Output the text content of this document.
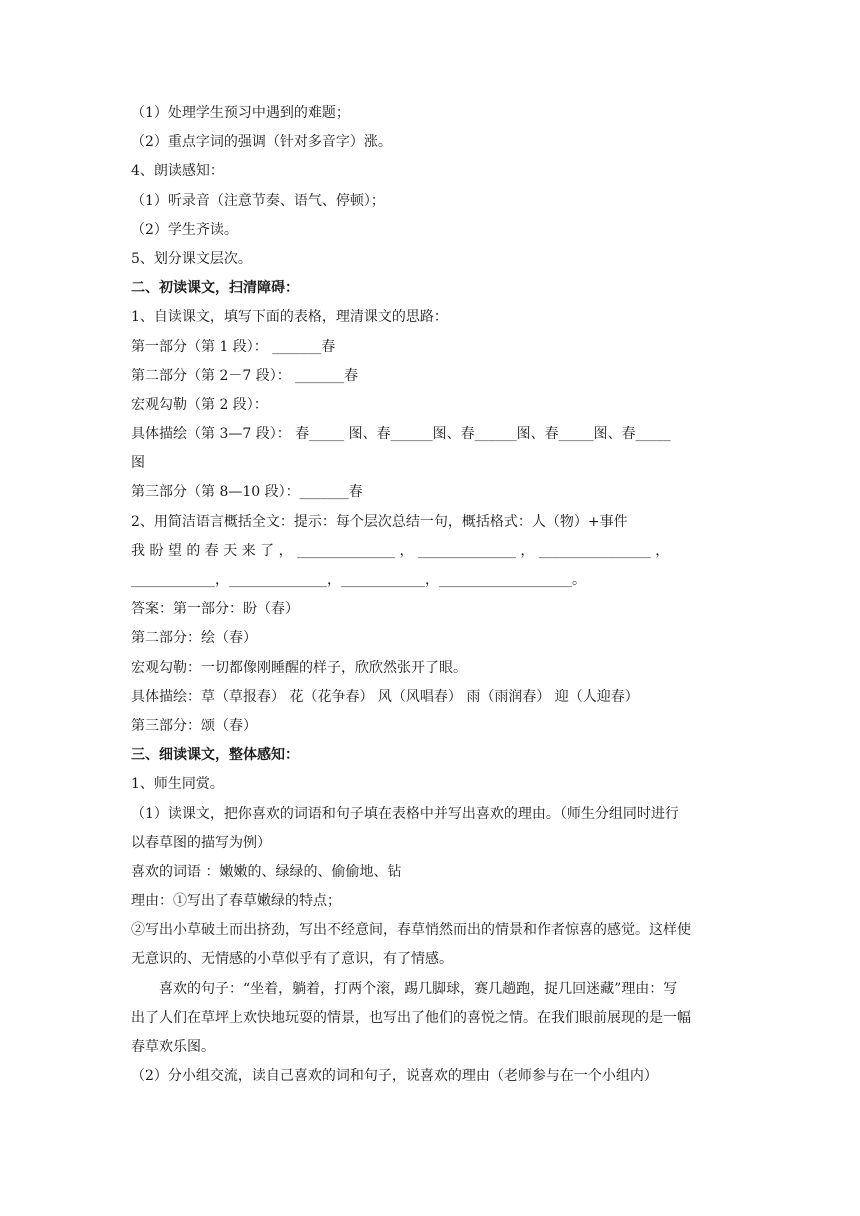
（1）处理学生预习中遇到的难题；
（2）重点字词的强调（针对多音字）涨。
4、朗读感知：
（1）听录音（注意节奏、语气、停顿）；
（2）学生齐读。
5、划分课文层次。
二、初读课文，扫清障碍：
1、自读课文，填写下面的表格，理清课文的思路：
第一部分（第 1 段）： _______春
第二部分（第 2－7 段）： _______春
宏观勾勒（第 2 段）：
具体描绘（第 3—7 段）： 春_____ 图、春______图、春______图、春_____图、春_____
图
第三部分（第 8—10 段）：_______春
2、用简洁语言概括全文：提示：每个层次总结一句，概括格式：人（物）+事件
我 盼 望 的 春 天 来 了 ， ______________ ， ______________ ， ________________ ，
____________，______________，____________，___________________。
答案：第一部分：盼（春）
第二部分：绘（春）
宏观勾勒：一切都像刚睡醒的样子，欣欣然张开了眼。
具体描绘：草（草报春） 花（花争春） 风（风唱春） 雨（雨润春） 迎（人迎春）
第三部分：颂（春）
三、细读课文，整体感知：
1、师生同赏。
（1）读课文，把你喜欢的词语和句子填在表格中并写出喜欢的理由。（师生分组同时进行
以春草图的描写为例）
喜欢的词语 ：嫩嫩的、绿绿的、偷偷地、钻
理由：①写出了春草嫩绿的特点；
②写出小草破土而出挤劲，写出不经意间，春草悄然而出的情景和作者惊喜的感觉。这样使
无意识的、无情感的小草似乎有了意识，有了情感。
喜欢的句子：“坐着，躺着，打两个滚，踢几脚球，赛几趟跑，捉几回迷藏”理由：写
出了人们在草坪上欢快地玩耍的情景，也写出了他们的喜悦之情。在我们眼前展现的是一幅
春草欢乐图。
（2）分小组交流，读自己喜欢的词和句子，说喜欢的理由（老师参与在一个小组内）
